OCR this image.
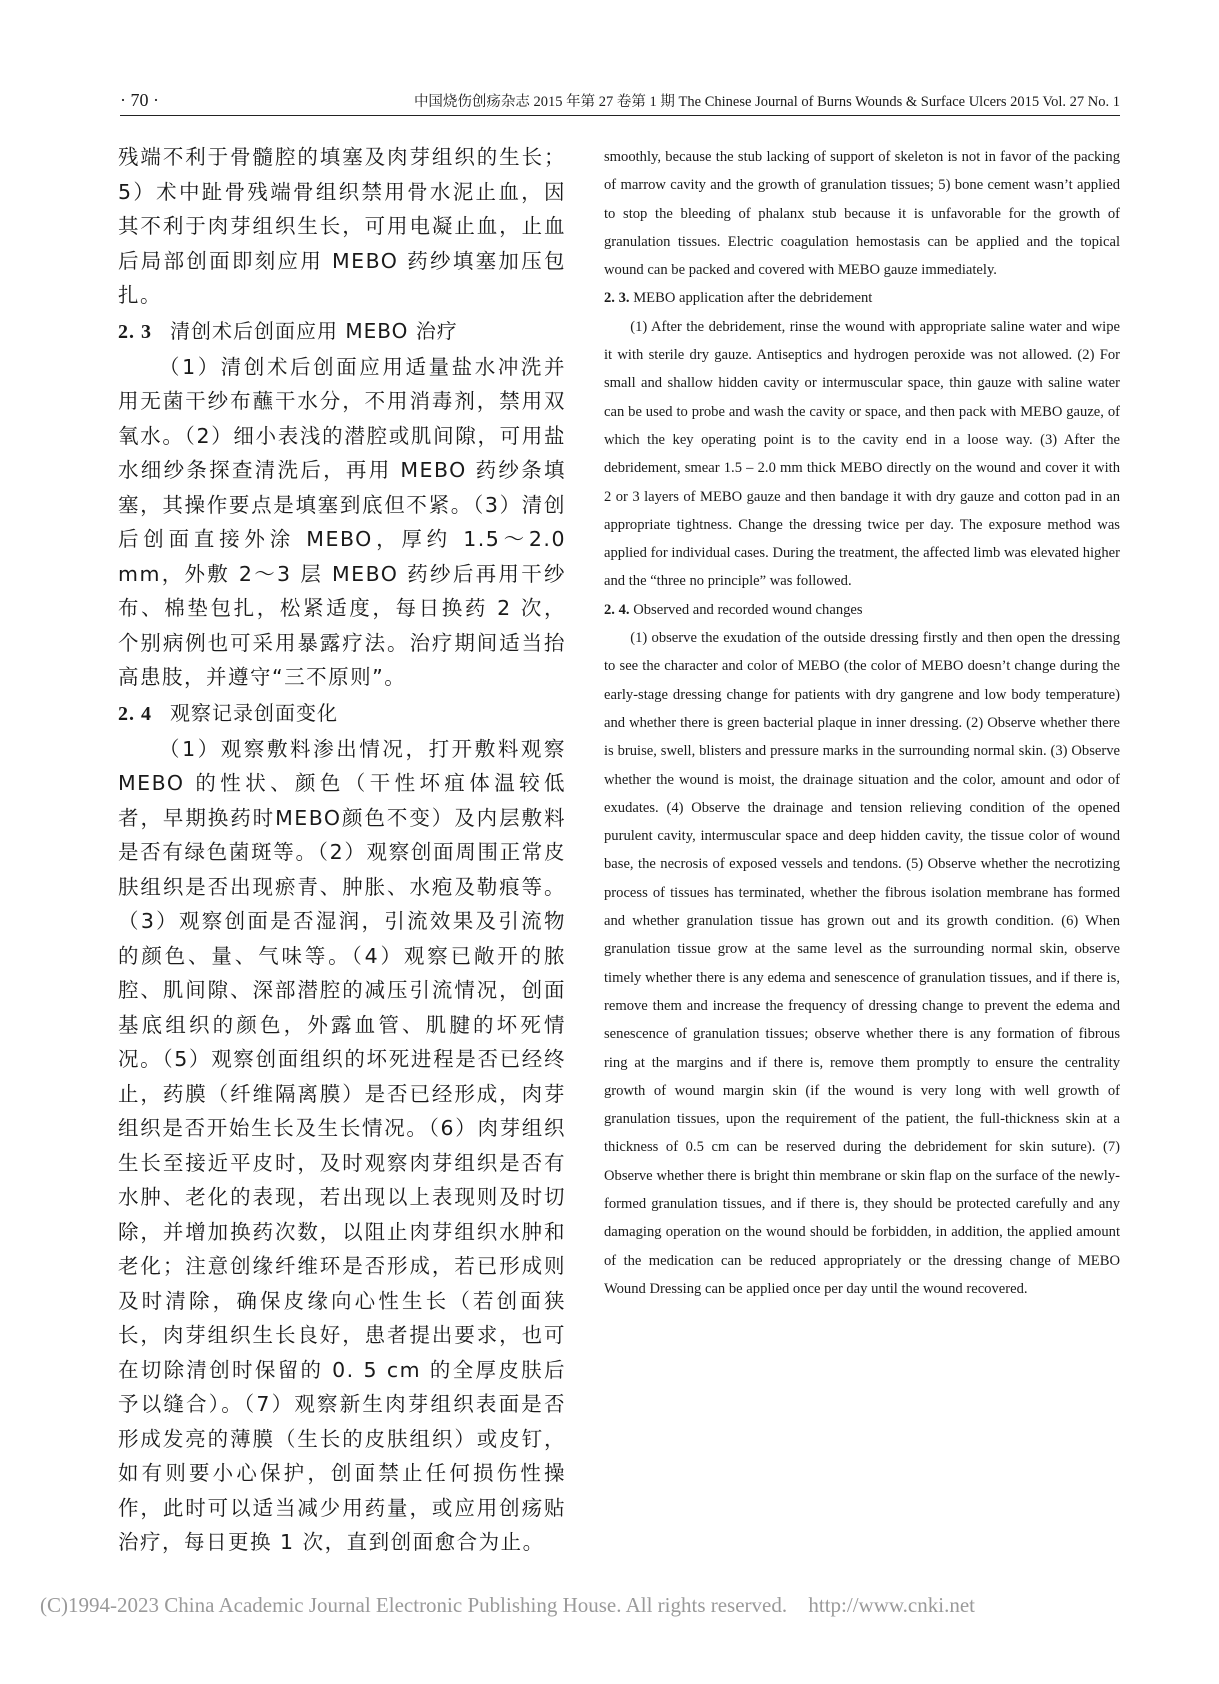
· 70 ·	中国烧伤创疡杂志 2015 年第 27 卷第 1 期 The Chinese Journal of Burns Wounds & Surface Ulcers 2015 Vol. 27 No. 1

残端不利于骨髓腔的填塞及肉芽组织的生长；5）术中趾骨残端骨组织禁用骨水泥止血，因其不利于肉芽组织生长，可用电凝止血，止血后局部创面即刻应用 MEBO 药纱填塞加压包扎。

2. 3 清创术后创面应用 MEBO 治疗

（1）清创术后创面应用适量盐水冲洗并用无菌干纱布蘸干水分，不用消毒剂，禁用双氧水。（2）细小表浅的潜腔或肌间隙，可用盐水细纱条探查清洗后，再用 MEBO 药纱条填塞，其操作要点是填塞到底但不紧。（3）清创后创面直接外涂 MEBO，厚约 1.5～2.0 mm，外敷 2～3 层 MEBO 药纱后再用干纱布、棉垫包扎，松紧适度，每日换药 2 次，个别病例也可采用暴露疗法。治疗期间适当抬高患肢，并遵守“三不原则”。

2. 4 观察记录创面变化

（1）观察敷料渗出情况，打开敷料观察 MEBO 的性状、颜色（干性坏疽体温较低者，早期换药时MEBO颜色不变）及内层敷料是否有绿色菌斑等。（2）观察创面周围正常皮肤组织是否出现瘀青、肿胀、水疱及勒痕等。（3）观察创面是否湿润，引流效果及引流物的颜色、量、气味等。（4）观察已敞开的脓腔、肌间隙、深部潜腔的减压引流情况，创面基底组织的颜色，外露血管、肌腱的坏死情况。（5）观察创面组织的坏死进程是否已经终止，药膜（纤维隔离膜）是否已经形成，肉芽组织是否开始生长及生长情况。（6）肉芽组织生长至接近平皮时，及时观察肉芽组织是否有水肿、老化的表现，若出现以上表现则及时切除，并增加换药次数，以阻止肉芽组织水肿和老化；注意创缘纤维环是否形成，若已形成则及时清除，确保皮缘向心性生长（若创面狭长，肉芽组织生长良好，患者提出要求，也可在切除清创时保留的 0. 5 cm 的全厚皮肤后予以缝合）。（7）观察新生肉芽组织表面是否形成发亮的薄膜（生长的皮肤组织）或皮钉，如有则要小心保护，创面禁止任何损伤性操作，此时可以适当减少用药量，或应用创疡贴治疗，每日更换 1 次，直到创面愈合为止。

smoothly, because the stub lacking of support of skeleton is not in favor of the packing of marrow cavity and the growth of granulation tissues; 5) bone cement wasn’t applied to stop the bleeding of phalanx stub because it is unfavorable for the growth of granulation tissues. Electric coagulation hemostasis can be applied and the topical wound can be packed and covered with MEBO gauze immediately.

2. 3. MEBO application after the debridement

(1) After the debridement, rinse the wound with appropriate saline water and wipe it with sterile dry gauze. Antiseptics and hydrogen peroxide was not allowed. (2) For small and shallow hidden cavity or intermuscular space, thin gauze with saline water can be used to probe and wash the cavity or space, and then pack with MEBO gauze, of which the key operating point is to the cavity end in a loose way. (3) After the debridement, smear 1.5 – 2.0 mm thick MEBO directly on the wound and cover it with 2 or 3 layers of MEBO gauze and then bandage it with dry gauze and cotton pad in an appropriate tightness. Change the dressing twice per day. The exposure method was applied for individual cases. During the treatment, the affected limb was elevated higher and the “three no principle” was followed.

2. 4. Observed and recorded wound changes

(1) observe the exudation of the outside dressing firstly and then open the dressing to see the character and color of MEBO (the color of MEBO doesn’t change during the early-stage dressing change for patients with dry gangrene and low body temperature) and whether there is green bacterial plaque in inner dressing. (2) Observe whether there is bruise, swell, blisters and pressure marks in the surrounding normal skin. (3) Observe whether the wound is moist, the drainage situation and the color, amount and odor of exudates. (4) Observe the drainage and tension relieving condition of the opened purulent cavity, intermuscular space and deep hidden cavity, the tissue color of wound base, the necrosis of exposed vessels and tendons. (5) Observe whether the necrotizing process of tissues has terminated, whether the fibrous isolation membrane has formed and whether granulation tissue has grown out and its growth condition. (6) When granulation tissue grow at the same level as the surrounding normal skin, observe timely whether there is any edema and senescence of granulation tissues, and if there is, remove them and increase the frequency of dressing change to prevent the edema and senescence of granulation tissues; observe whether there is any formation of fibrous ring at the margins and if there is, remove them promptly to ensure the centrality growth of wound margin skin (if the wound is very long with well growth of granulation tissues, upon the requirement of the patient, the full-thickness skin at a thickness of 0.5 cm can be reserved during the debridement for skin suture). (7) Observe whether there is bright thin membrane or skin flap on the surface of the newly-formed granulation tissues, and if there is, they should be protected carefully and any damaging operation on the wound should be forbidden, in addition, the applied amount of the medication can be reduced appropriately or the dressing change of MEBO Wound Dressing can be applied once per day until the wound recovered.

(C)1994-2023 China Academic Journal Electronic Publishing House. All rights reserved. http://www.cnki.net
